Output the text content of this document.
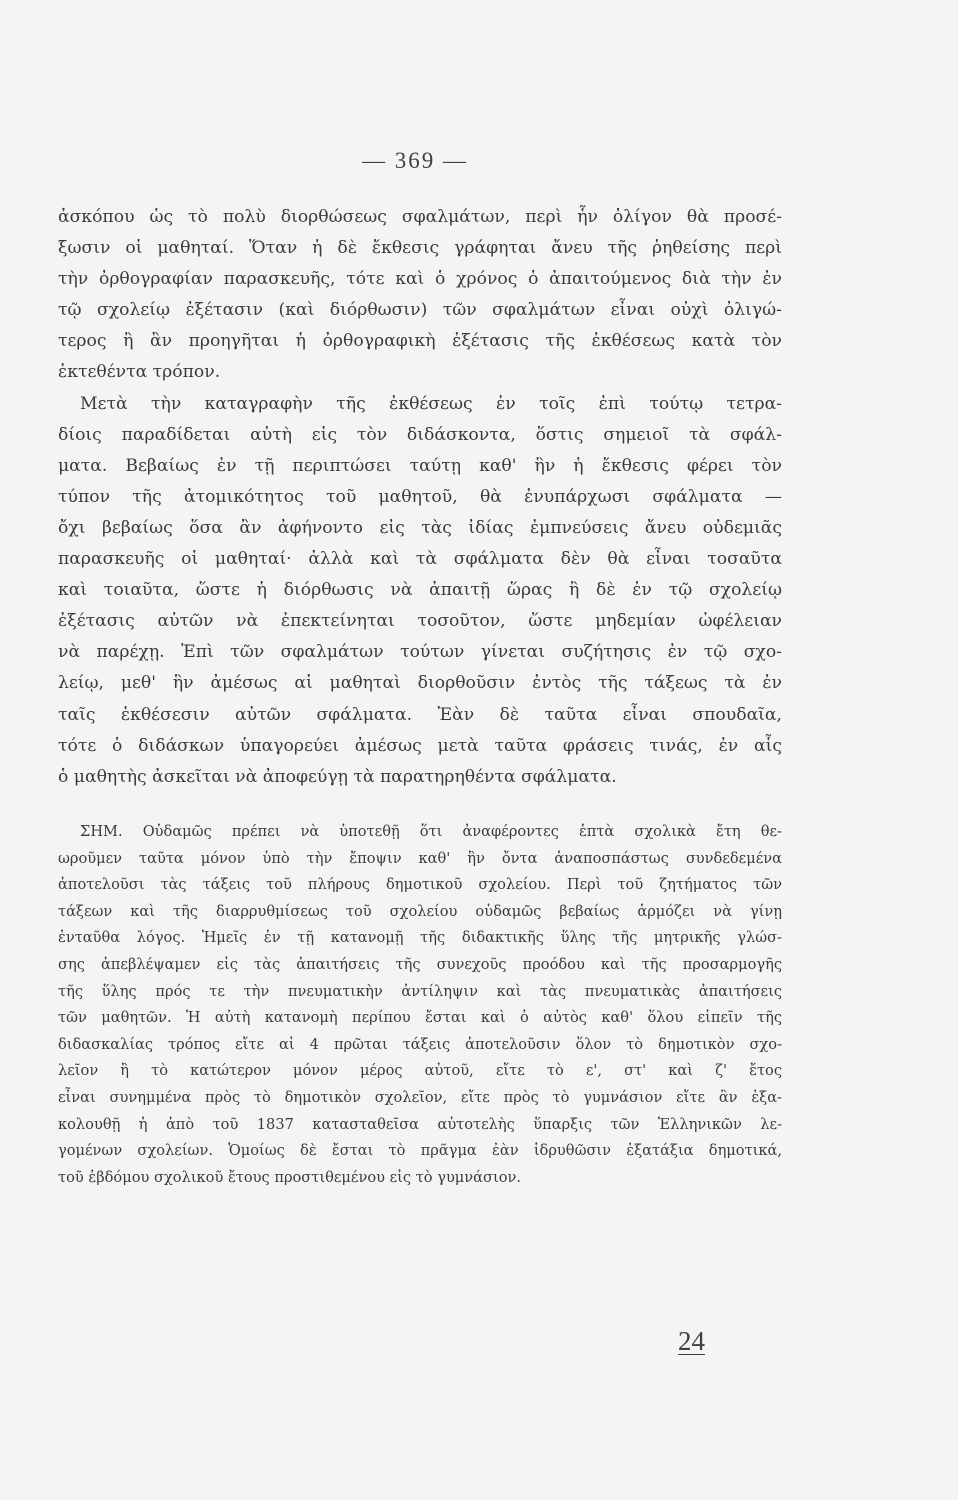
— 369 —
ἀσκόπου ὡς τὸ πολὺ διορθώσεως σφαλμάτων, περὶ ἧν ὀλίγον θὰ προσέ-
ξωσιν οἱ μαθηταί. Ὅταν ἡ δὲ ἔκθεσις γράφηται ἄνευ τῆς ῥηθείσης περὶ
τὴν ὀρθογραφίαν παρασκευῆς, τότε καὶ ὁ χρόνος ὁ ἀπαιτούμενος διὰ τὴν ἐν
τῷ σχολείῳ ἐξέτασιν (καὶ διόρθωσιν) τῶν σφαλμάτων εἶναι οὐχὶ ὀλιγώ-
τερος ἢ ἂν προηγῆται ἡ ὀρθογραφικὴ ἐξέτασις τῆς ἐκθέσεως κατὰ τὸν
ἐκτεθέντα τρόπον.
Μετὰ τὴν καταγραφὴν τῆς ἐκθέσεως ἐν τοῖς ἐπὶ τούτῳ τετρα-
δίοις παραδίδεται αὐτὴ εἰς τὸν διδάσκοντα, ὅστις σημειοῖ τὰ σφάλ-
ματα. Βεβαίως ἐν τῇ περιπτώσει ταύτῃ καθ' ἣν ἡ ἔκθεσις φέρει τὸν
τύπον τῆς ἀτομικότητος τοῦ μαθητοῦ, θὰ ἐνυπάρχωσι σφάλματα —
ὄχι βεβαίως ὅσα ἂν ἀφήνοντο εἰς τὰς ἰδίας ἐμπνεύσεις ἄνευ οὐδεμιᾶς
παρασκευῆς οἱ μαθηταί· ἀλλὰ καὶ τὰ σφάλματα δὲν θὰ εἶναι τοσαῦτα
καὶ τοιαῦτα, ὥστε ἡ διόρθωσις νὰ ἀπαιτῇ ὥρας ἢ δὲ ἐν τῷ σχολείῳ
ἐξέτασις αὐτῶν νὰ ἐπεκτείνηται τοσοῦτον, ὥστε μηδεμίαν ὠφέλειαν
νὰ παρέχῃ. Ἐπὶ τῶν σφαλμάτων τούτων γίνεται συζήτησις ἐν τῷ σχο-
λείῳ, μεθ' ἣν ἀμέσως αἱ μαθηταὶ διορθοῦσιν ἐντὸς τῆς τάξεως τὰ ἐν
ταῖς ἐκθέσεσιν αὐτῶν σφάλματα. Ἐὰν δὲ ταῦτα εἶναι σπουδαῖα,
τότε ὁ διδάσκων ὑπαγορεύει ἀμέσως μετὰ ταῦτα φράσεις τινάς, ἐν αἷς
ὁ μαθητὴς ἀσκεῖται νὰ ἀποφεύγῃ τὰ παρατηρηθέντα σφάλματα.
ΣΗΜ. Οὐδαμῶς πρέπει νὰ ὑποτεθῇ ὅτι ἀναφέροντες ἑπτὰ σχολικὰ ἔτη θε-
ωροῦμεν ταῦτα μόνον ὑπὸ τὴν ἔποψιν καθ' ἣν ὄντα ἀναποσπάστως συνδεδεμένα
ἀποτελοῦσι τὰς τάξεις τοῦ πλήρους δημοτικοῦ σχολείου. Περὶ τοῦ ζητήματος τῶν
τάξεων καὶ τῆς διαρρυθμίσεως τοῦ σχολείου οὐδαμῶς βεβαίως ἁρμόζει νὰ γίνῃ
ἐνταῦθα λόγος. Ἡμεῖς ἐν τῇ κατανομῇ τῆς διδακτικῆς ὕλης τῆς μητρικῆς γλώσ-
σης ἀπεβλέψαμεν εἰς τὰς ἀπαιτήσεις τῆς συνεχοῦς προόδου καὶ τῆς προσαρμογῆς
τῆς ὕλης πρός τε τὴν πνευματικὴν ἀντίληψιν καὶ τὰς πνευματικὰς ἀπαιτήσεις
τῶν μαθητῶν. Ἡ αὐτὴ κατανομὴ περίπου ἔσται καὶ ὁ αὐτὸς καθ' ὅλου εἰπεῖν τῆς
διδασκαλίας τρόπος εἴτε αἱ 4 πρῶται τάξεις ἀποτελοῦσιν ὅλον τὸ δημοτικὸν σχο-
λεῖον ἢ τὸ κατώτερον μόνον μέρος αὐτοῦ, εἴτε τὸ ε', στ' καὶ ζ' ἔτος
εἶναι συνημμένα πρὸς τὸ δημοτικὸν σχολεῖον, εἴτε πρὸς τὸ γυμνάσιον εἴτε ἂν ἑξα-
κολουθῇ ἡ ἀπὸ τοῦ 1837 κατασταθεῖσα αὐτοτελὴς ὕπαρξις τῶν Ἑλληνικῶν λε-
γομένων σχολείων. Ὁμοίως δὲ ἔσται τὸ πρᾶγμα ἐὰν ἱδρυθῶσιν ἑξατάξια δημοτικά,
τοῦ ἑβδόμου σχολικοῦ ἔτους προστιθεμένου εἰς τὸ γυμνάσιον.
24
